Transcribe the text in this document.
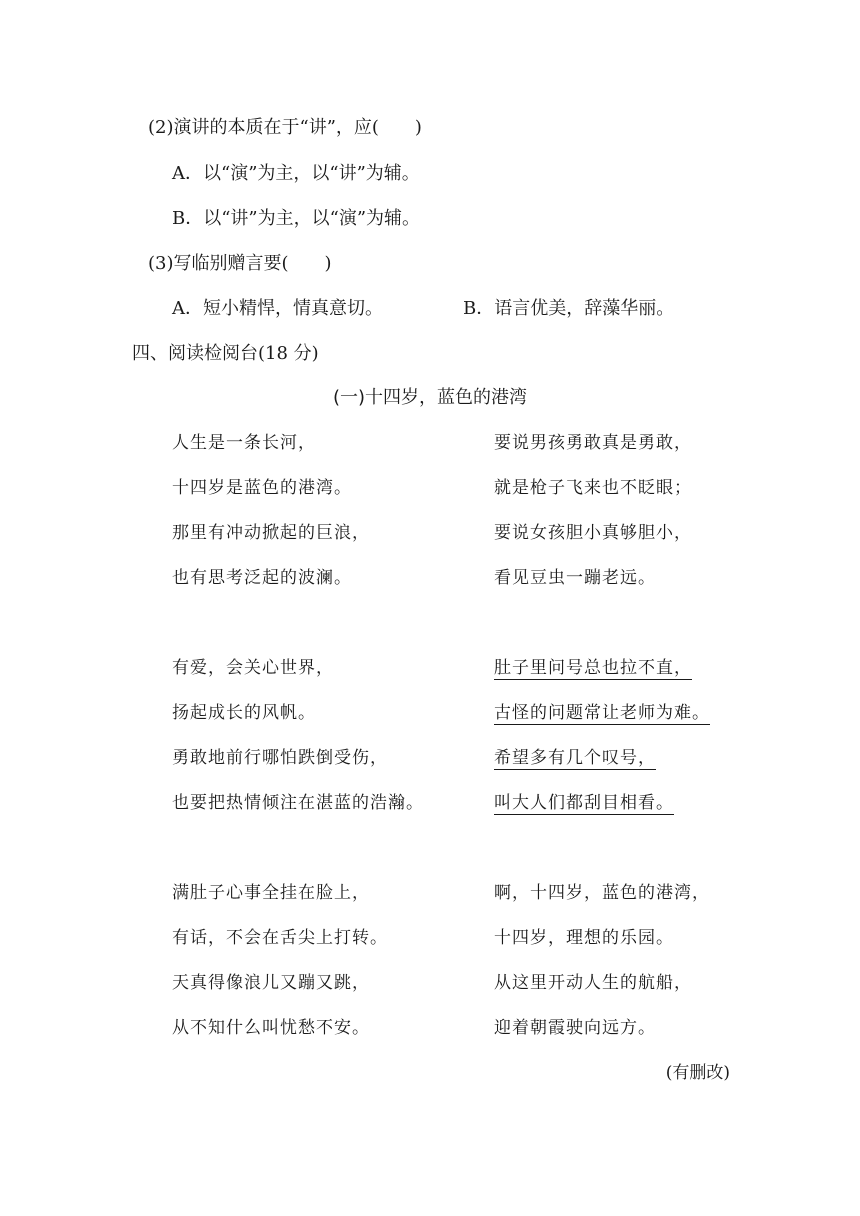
(2)演讲的本质在于“讲”，应(　　)
A．以“演”为主，以“讲”为辅。
B．以“讲”为主，以“演”为辅。
(3)写临别赠言要(　　)
A．短小精悍，情真意切。	B．语言优美，辞藻华丽。
四、阅读检阅台(18 分)
(一)十四岁，蓝色的港湾
人生是一条长河，
十四岁是蓝色的港湾。
那里有冲动掀起的巨浪，
也有思考泛起的波澜。
要说男孩勇敢真是勇敢，
就是枪子飞来也不眨眼；
要说女孩胆小真够胆小，
看见豆虫一蹦老远。
有爱，会关心世界，
扬起成长的风帆。
勇敢地前行哪怕跌倒受伤，
也要把热情倾注在湛蓝的浩瀚。
肚子里问号总也拉不直，
古怪的问题常让老师为难。
希望多有几个叹号，
叫大人们都刮目相看。
满肚子心事全挂在脸上，
有话，不会在舌尖上打转。
天真得像浪儿又蹦又跳，
从不知什么叫忧愁不安。
啊，十四岁，蓝色的港湾，
十四岁，理想的乐园。
从这里开动人生的航船，
迎着朝霞驶向远方。
(有删改)
